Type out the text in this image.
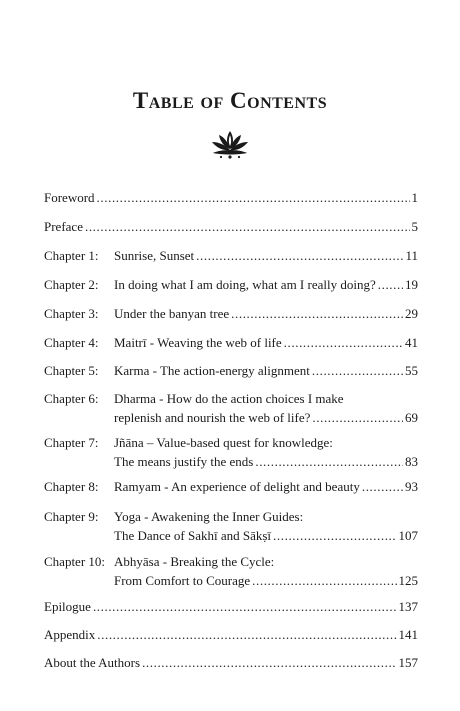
Table of Contents
Foreword .....	1
Preface .....	5
Chapter 1:	Sunrise, Sunset .....	11
Chapter 2:	In doing what I am doing, what am I really doing? ..... 19
Chapter 3:	Under the banyan tree .....	29
Chapter 4:	Maitrī - Weaving the web of life .....	41
Chapter 5:	Karma - The action-energy alignment .....	55
Chapter 6:	Dharma - How do the action choices I make
replenish and nourish the web of life? .....	69
Chapter 7:	Jñāna – Value-based quest for knowledge:
The means justify the ends .....	83
Chapter 8:	Ramyam - An experience of delight and beauty .....	93
Chapter 9:	Yoga - Awakening the Inner Guides:
The Dance of Sakhī and Sākṣī .....	107
Chapter 10: Abhyāsa - Breaking the Cycle:
From Comfort to Courage .....	125
Epilogue .....	137
Appendix .....	141
About the Authors .....	157
